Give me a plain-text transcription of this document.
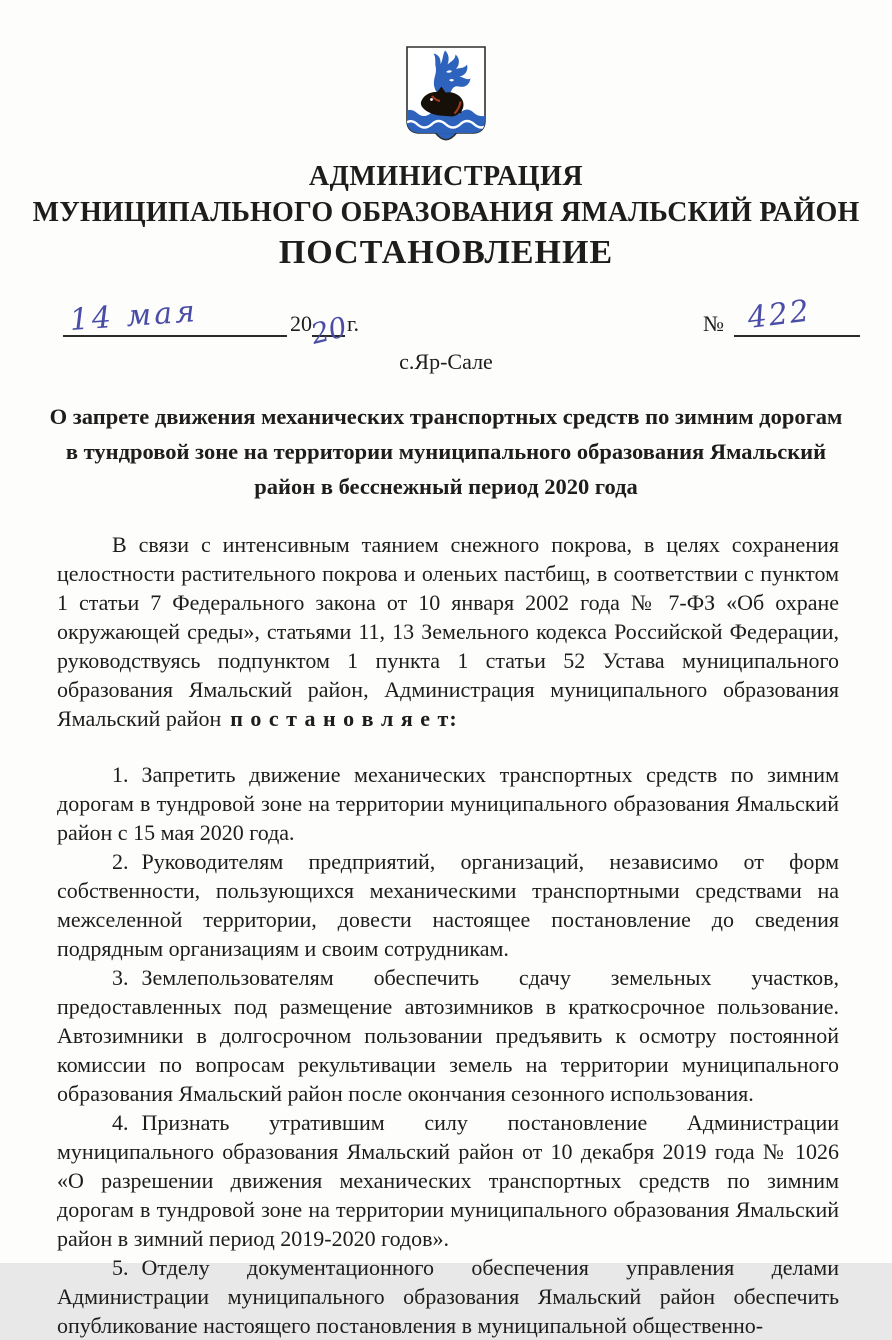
АДМИНИСТРАЦИЯ
МУНИЦИПАЛЬНОГО ОБРАЗОВАНИЯ ЯМАЛЬСКИЙ РАЙОН
ПОСТАНОВЛЕНИЕ
14 мая	20
20
г.	№ 422
с.Яр-Сале
О запрете движения механических транспортных средств по зимним дорогам в тундровой зоне на территории муниципального образования Ямальский район в бесснежный период 2020 года

В связи с интенсивным таянием снежного покрова, в целях сохранения целостности растительного покрова и оленьих пастбищ, в соответствии с пунктом 1 статьи 7 Федерального закона от 10 января 2002 года № 7-ФЗ «Об охране окружающей среды», статьями 11, 13 Земельного кодекса Российской Федерации, руководствуясь подпунктом 1 пункта 1 статьи 52 Устава муниципального образования Ямальский район, Администрация муниципального образования Ямальский район п о с т а н о в л я е т:

1. Запретить движение механических транспортных средств по зимним дорогам в тундровой зоне на территории муниципального образования Ямальский район с 15 мая 2020 года.

2. Руководителям предприятий, организаций, независимо от форм собственности, пользующихся механическими транспортными средствами на межселенной территории, довести настоящее постановление до сведения подрядным организациям и своим сотрудникам.

3. Землепользователям обеспечить сдачу земельных участков, предоставленных под размещение автозимников в краткосрочное пользование. Автозимники в долгосрочном пользовании предъявить к осмотру постоянной комиссии по вопросам рекультивации земель на территории муниципального образования Ямальский район после окончания сезонного использования.

4. Признать утратившим силу постановление Администрации муниципального образования Ямальский район от 10 декабря 2019 года № 1026 «О разрешении движения механических транспортных средств по зимним дорогам в тундровой зоне на территории муниципального образования Ямальский район в зимний период 2019-2020 годов».

5. Отделу документационного обеспечения управления делами Администрации муниципального образования Ямальский район обеспечить опубликование настоящего постановления в муниципальной общественно-
